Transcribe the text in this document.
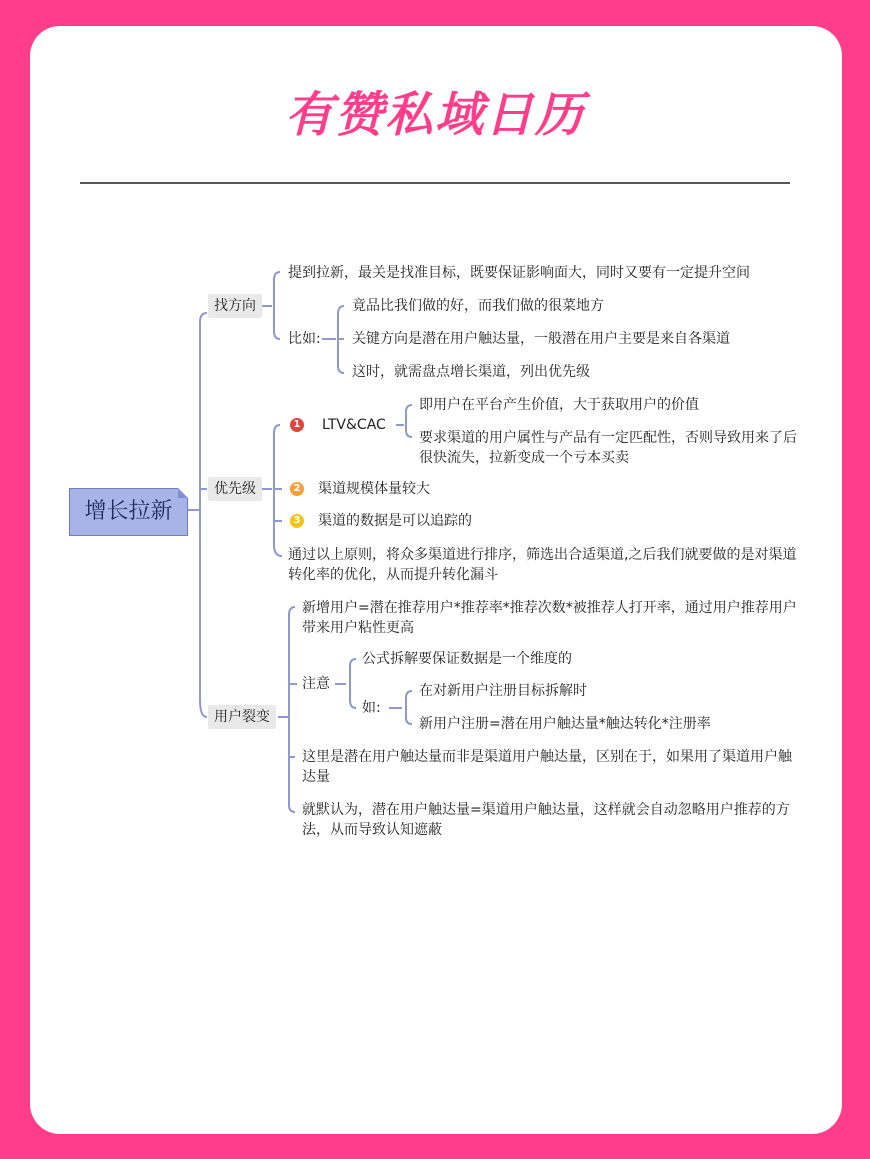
有赞私域日历
增长拉新
找方向
提到拉新，最关是找准目标，既要保证影响面大，同时又要有一定提升空间
比如:
竟品比我们做的好，而我们做的很菜地方
关键方向是潜在用户触达量，一般潜在用户主要是来自各渠道
这时，就需盘点增长渠道，列出优先级
优先级
1 LTV&CAC
即用户在平台产生价值，大于获取用户的价值
要求渠道的用户属性与产品有一定匹配性，否则导致用来了后很快流失，拉新变成一个亏本买卖
2 渠道规模体量较大
3 渠道的数据是可以追踪的
通过以上原则，将众多渠道进行排序，筛选出合适渠道,之后我们就要做的是对渠道转化率的优化，从而提升转化漏斗
用户裂变
新增用户=潜在推荐用户*推荐率*推荐次数*被推荐人打开率，通过用户推荐用户带来用户粘性更高
注意
公式拆解要保证数据是一个维度的
如:
在对新用户注册目标拆解时
新用户注册=潜在用户触达量*触达转化*注册率
这里是潜在用户触达量而非是渠道用户触达量，区别在于，如果用了渠道用户触达量
就默认为，潜在用户触达量=渠道用户触达量，这样就会自动忽略用户推荐的方法，从而导致认知遮蔽
